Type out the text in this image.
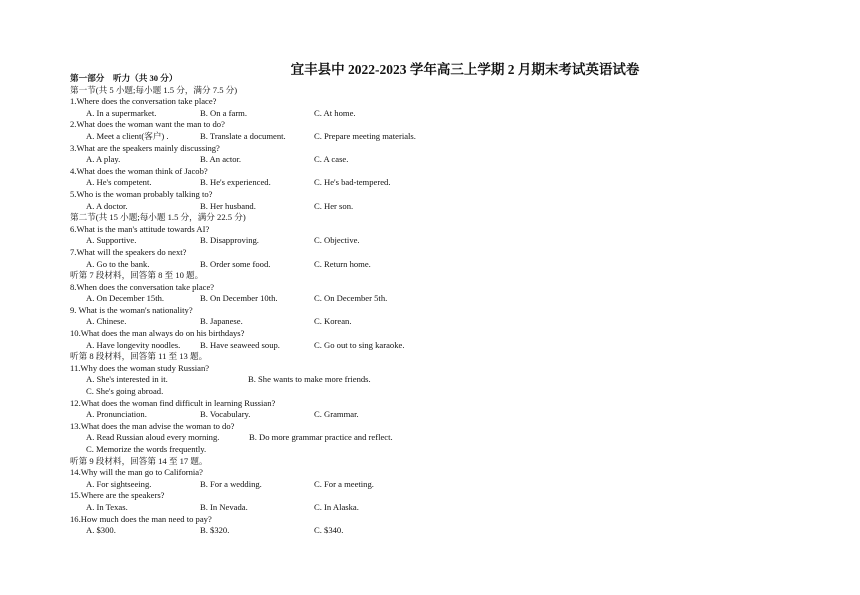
宜丰县中 2022-2023 学年高三上学期 2 月期末考试英语试卷
第一部分　听力（共 30 分）
第一节(共 5 小题;每小题 1.5 分，满分 7.5 分)
1.Where does the conversation take place?
A. In a supermarket.	B. On a farm.	C. At home.
2.What does the woman want the man to do?
A. Meet a client(客户) .	B. Translate a document.	C. Prepare meeting materials.
3.What are the speakers mainly discussing?
A. A play.	B. An actor.	C. A case.
4.What does the woman think of Jacob?
A. He's competent.	B. He's experienced.	C. He's bad-tempered.
5.Who is the woman probably talking to?
A. A doctor.	B. Her husband.	C. Her son.
第二节(共 15 小题;每小题 1.5 分，满分 22.5 分)
6.What is the man's attitude towards AI?
A. Supportive.	B. Disapproving.	C. Objective.
7.What will the speakers do next?
A. Go to the bank.	B. Order some food.	C. Return home.
听第 7 段材料，回答第 8 至 10 题。
8.When does the conversation take place?
A. On December 15th.	B. On December 10th.	C. On December 5th.
9. What is the woman's nationality?
A. Chinese.	B. Japanese.	C. Korean.
10.What does the man always do on his birthdays?
A. Have longevity noodles. B. Have seaweed soup.	C. Go out to sing karaoke.
听第 8 段材料，回答第 11 至 13 题。
11.Why does the woman study Russian?
A. She's interested in it.	B. She wants to make more friends.
C. She's going abroad.
12.What does the woman find difficult in learning Russian?
A. Pronunciation.	B. Vocabulary.	C. Grammar.
13.What does the man advise the woman to do?
A. Read Russian aloud every morning.	B. Do more grammar practice and reflect.
C. Memorize the words frequently.
听第 9 段材料，回答第 14 至 17 题。
14.Why will the man go to California?
A. For sightseeing.	B. For a wedding.	C. For a meeting.
15.Where are the speakers?
A. In Texas.	B. In Nevada.	C. In Alaska.
16.How much does the man need to pay?
A. $300.	B. $320.	C. $340.
